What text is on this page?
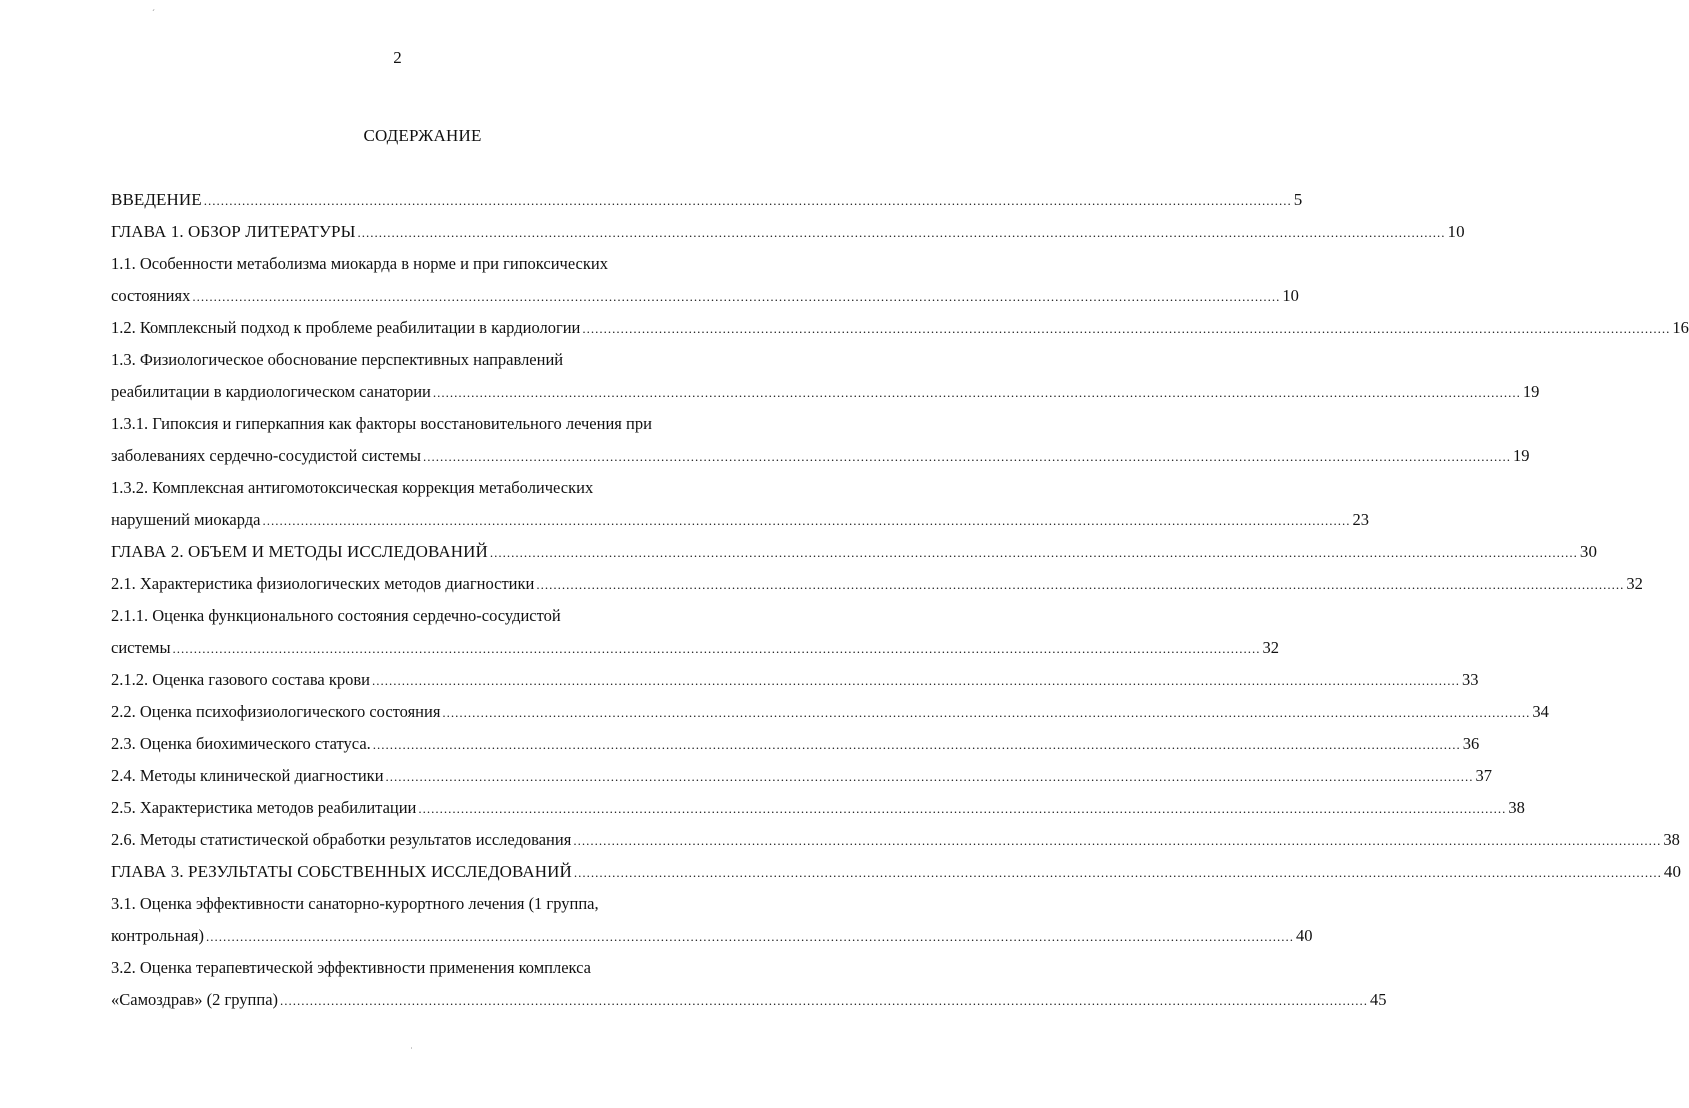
2
СОДЕРЖАНИЕ
ВВЕДЕНИЕ .....	5
ГЛАВА 1. ОБЗОР ЛИТЕРАТУРЫ .....	10
1.1. Особенности метаболизма миокарда в норме и при гипоксических
состояниях .....	10
1.2. Комплексный подход к проблеме реабилитации в кардиологии .....	16
1.3. Физиологическое обоснование перспективных направлений
реабилитации в кардиологическом санатории .....	19
1.3.1. Гипоксия и гиперкапния как факторы восстановительного лечения при
заболеваниях сердечно-сосудистой системы .....	19
1.3.2. Комплексная антигомотоксическая коррекция метаболических
нарушений миокарда .....	23
ГЛАВА 2. ОБЪЕМ И МЕТОДЫ ИССЛЕДОВАНИЙ .....	30
2.1. Характеристика физиологических методов диагностики .....	32
2.1.1. Оценка функционального состояния сердечно-сосудистой
системы .....	32
2.1.2. Оценка газового состава крови .....	33
2.2. Оценка психофизиологического состояния .....	34
2.3. Оценка биохимического статуса. .....	36
2.4. Методы клинической диагностики .....	37
2.5. Характеристика методов реабилитации .....	38
2.6. Методы статистической обработки результатов исследования .....	38
ГЛАВА 3. РЕЗУЛЬТАТЫ СОБСТВЕННЫХ ИССЛЕДОВАНИЙ .....	40
3.1. Оценка эффективности санаторно-курортного лечения (1 группа,
контрольная) .....	40
3.2. Оценка терапевтической эффективности применения комплекса
«Самоздрав» (2 группа) .....	45
ˊ
˙
